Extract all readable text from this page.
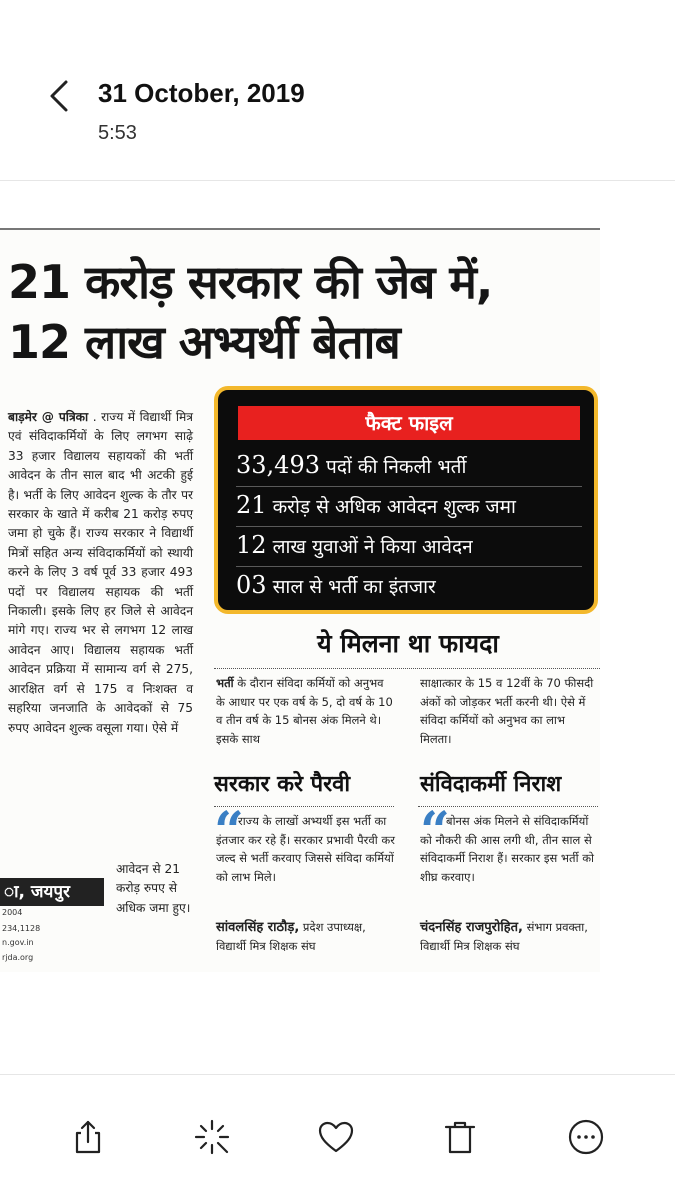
31 October, 2019
5:53
21 करोड़ सरकार की जेब में,
12 लाख अभ्यर्थी बेताब
बाड़मेर @ पत्रिका . राज्य में विद्यार्थी मित्र एवं संविदाकर्मियों के लिए लगभग साढ़े 33 हजार विद्यालय सहायकों की भर्ती आवेदन के तीन साल बाद भी अटकी हुई है। भर्ती के लिए आवेदन शुल्क के तौर पर सरकार के खाते में करीब 21 करोड़ रुपए जमा हो चुके हैं। राज्य सरकार ने विद्यार्थी मित्रों सहित अन्य संविदाकर्मियों को स्थायी करने के लिए 3 वर्ष पूर्व 33 हजार 493 पदों पर विद्यालय सहायक की भर्ती निकाली। इसके लिए हर जिले से आवेदन मांगे गए। राज्य भर से लगभग 12 लाख आवेदन आए। विद्यालय सहायक भर्ती आवेदन प्रक्रिया में सामान्य वर्ग से 275, आरक्षित वर्ग से 175 व निःशक्त व सहरिया जनजाति के आवेदकों से 75 रुपए आवेदन शुल्क वसूला गया। ऐसे में
ा, जयपुर
2004
234,1128
n.gov.in
rjda.org
आवेदन से 21 करोड़ रुपए से अधिक जमा हुए।
फैक्ट फाइल
33,493 पदों की निकली भर्ती
21 करोड़ से अधिक आवेदन शुल्क जमा
12 लाख युवाओं ने किया आवेदन
03 साल से भर्ती का इंतजार
ये मिलना था फायदा
भर्ती के दौरान संविदा कर्मियों को अनुभव के आधार पर एक वर्ष के 5, दो वर्ष के 10 व तीन वर्ष के 15 बोनस अंक मिलने थे। इसके साथ
साक्षात्कार के 15 व 12वीं के 70 फीसदी अंकों को जोड़कर भर्ती करनी थी। ऐसे में संविदा कर्मियों को अनुभव का लाभ मिलता।
सरकार करे पैरवी
“
राज्य के लाखों अभ्यर्थी इस भर्ती का इंतजार कर रहे हैं। सरकार प्रभावी पैरवी कर जल्द से भर्ती करवाए जिससे संविदा कर्मियों को लाभ मिले।
सांवलसिंह राठौड़, प्रदेश उपाध्यक्ष, विद्यार्थी मित्र शिक्षक संघ
संविदाकर्मी निराश
“
बोनस अंक मिलने से संविदाकर्मियों को नौकरी की आस लगी थी, तीन साल से संविदाकर्मी निराश हैं। सरकार इस भर्ती को शीघ्र करवाए।
चंदनसिंह राजपुरोहित, संभाग प्रवक्ता, विद्यार्थी मित्र शिक्षक संघ
